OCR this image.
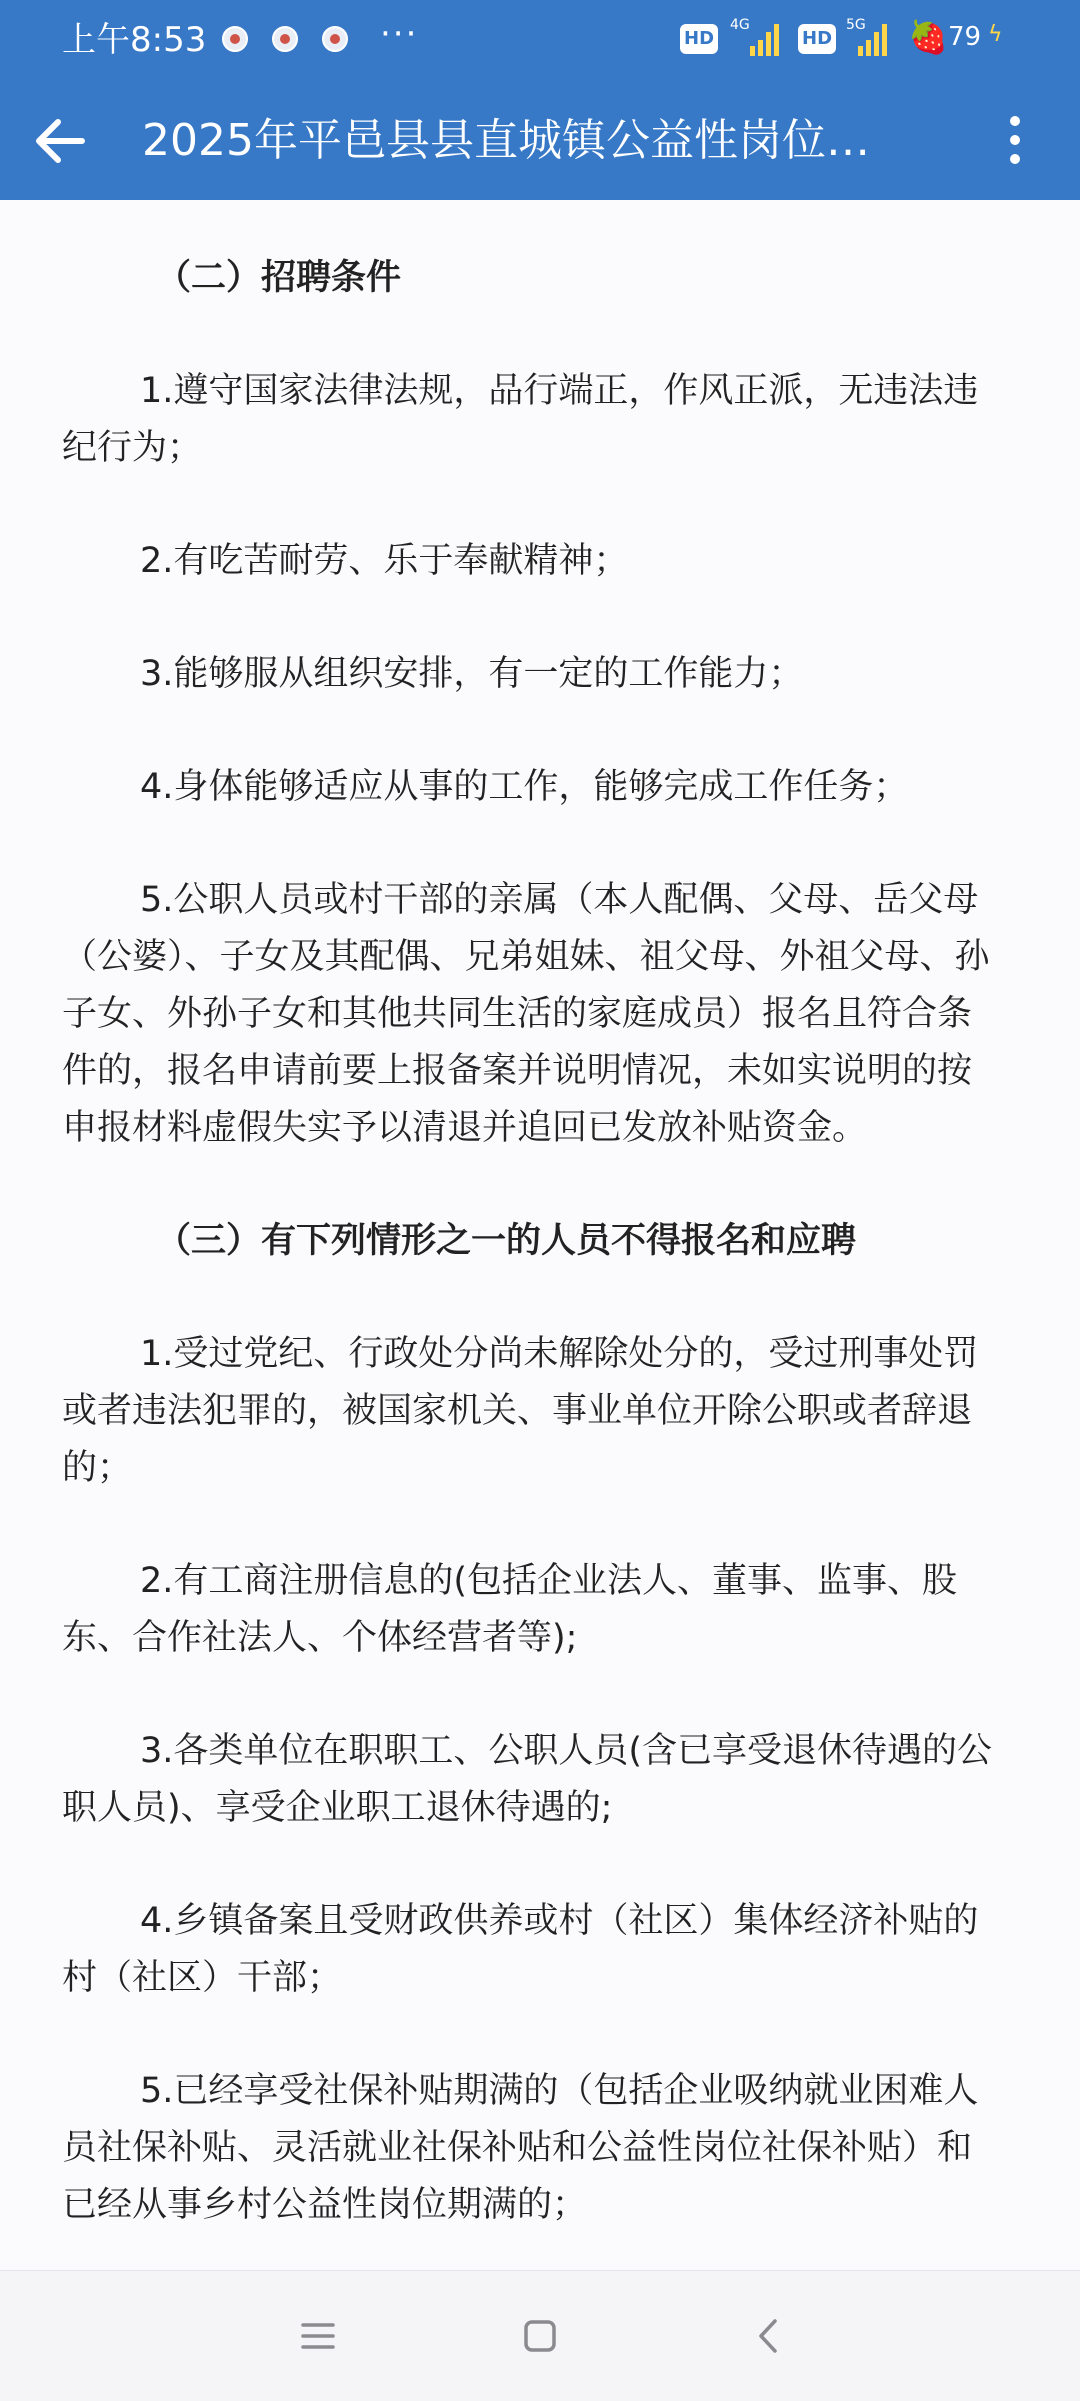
上午8:53	···	HD
4G
HD
5G 🍓 79 ϟ
2025年平邑县县直城镇公益性岗位…

（二）招聘条件

1.遵守国家法律法规，品行端正，作风正派，无违法违纪行为；

2.有吃苦耐劳、乐于奉献精神；

3.能够服从组织安排，有一定的工作能力；

4.身体能够适应从事的工作，能够完成工作任务；

5.公职人员或村干部的亲属（本人配偶、父母、岳父母（公婆）、子女及其配偶、兄弟姐妹、祖父母、外祖父母、孙子女、外孙子女和其他共同生活的家庭成员）报名且符合条件的，报名申请前要上报备案并说明情况，未如实说明的按申报材料虚假失实予以清退并追回已发放补贴资金。

（三）有下列情形之一的人员不得报名和应聘

1.受过党纪、行政处分尚未解除处分的，受过刑事处罚或者违法犯罪的，被国家机关、事业单位开除公职或者辞退的；

2.有工商注册信息的(包括企业法人、董事、监事、股东、合作社法人、个体经营者等);

3.各类单位在职职工、公职人员(含已享受退休待遇的公职人员)、享受企业职工退休待遇的;

4.乡镇备案且受财政供养或村（社区）集体经济补贴的村（社区）干部；

5.已经享受社保补贴期满的（包括企业吸纳就业困难人员社保补贴、灵活就业社保补贴和公益性岗位社保补贴）和已经从事乡村公益性岗位期满的；
